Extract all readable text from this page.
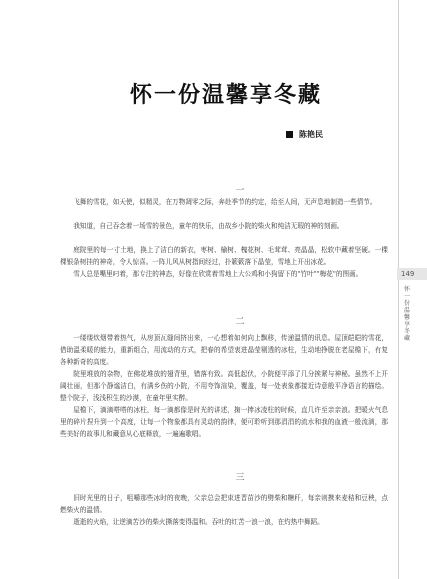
怀一份温馨享冬藏
陈艳民
一

飞舞的雪花，如天使，似精灵，在万物凋零之际，奔赴季节的约定，给至人间，无声息地制造一些情节。

我知道，自己吞念着一场雪的景色，童年的快乐，由故乡小院的柴火和纯洁无瑕的神的刻画。

庭院里的每一寸土地，换上了洁白的新衣，枣树、榆树、槐花树、毛茸茸、亮晶晶，松软中藏着坚硬。一棵棵银条树挂的神奇，令人惊喜。一阵儿风从树指间经过，扑簌簌落下晶莹，雪地上开出冰花。

雪人总是嘴里叼着，那专注的神态，好像在欣赏着雪地上大公鸡和小狗留下的"竹叶""梅花"的图画。

二

一缕缕炊烟带着热气，从房顶瓦缝间挤出来，一心想着如何向上飘移，传递温情的讯息。屋顶皑皑的雪花，借助温柔暖的能力，重新组合，用流动的方式，把春的希望衷进晶莹剔透的冰柱，生动地挣脱在老屋檐下，有复各种新奇的高度。

院里堆放的杂物，在佛花堆放的翅背里，错落有致。高低起伏，小院便平添了几分挨紧与神秘。虽然不上开阔壮丽，但那个静谧洁白，有满乡伤的小院，不用夸饰渲染，覆盖，每一处表象都接近诗意般平净语言的描绘。整个院子，浅浅积生的沙漠，在童年里实醉。

屋檐下，滴滴嗒嗒的冰柱，每一滴都像是时光的讲述，掬一捧冰凌柱的时候，直几许至亲亲浪。把暖火气息里的碎片捏升到一个高度，让每一个物象都具有灵动的韵律，便可聆听到那涓涓的流水和我的血液一般流淌，那些美好的故事儿和藏意从心底释放，一遍遍歌唱。

三

旧时光里的日子，咀嚼那些冰时的夜晚，父亲总会把束进晋苗沙的劈柴和糖秆，每亲则携来麦秸和豆秧，点燃柴火的温情。

逝逝的火焰，让逆滴苦沙的柴火撕落变得温和。吞吐的红苦一浪一浪，在灼热中舞蹈。

149
怀一份温馨享冬藏
